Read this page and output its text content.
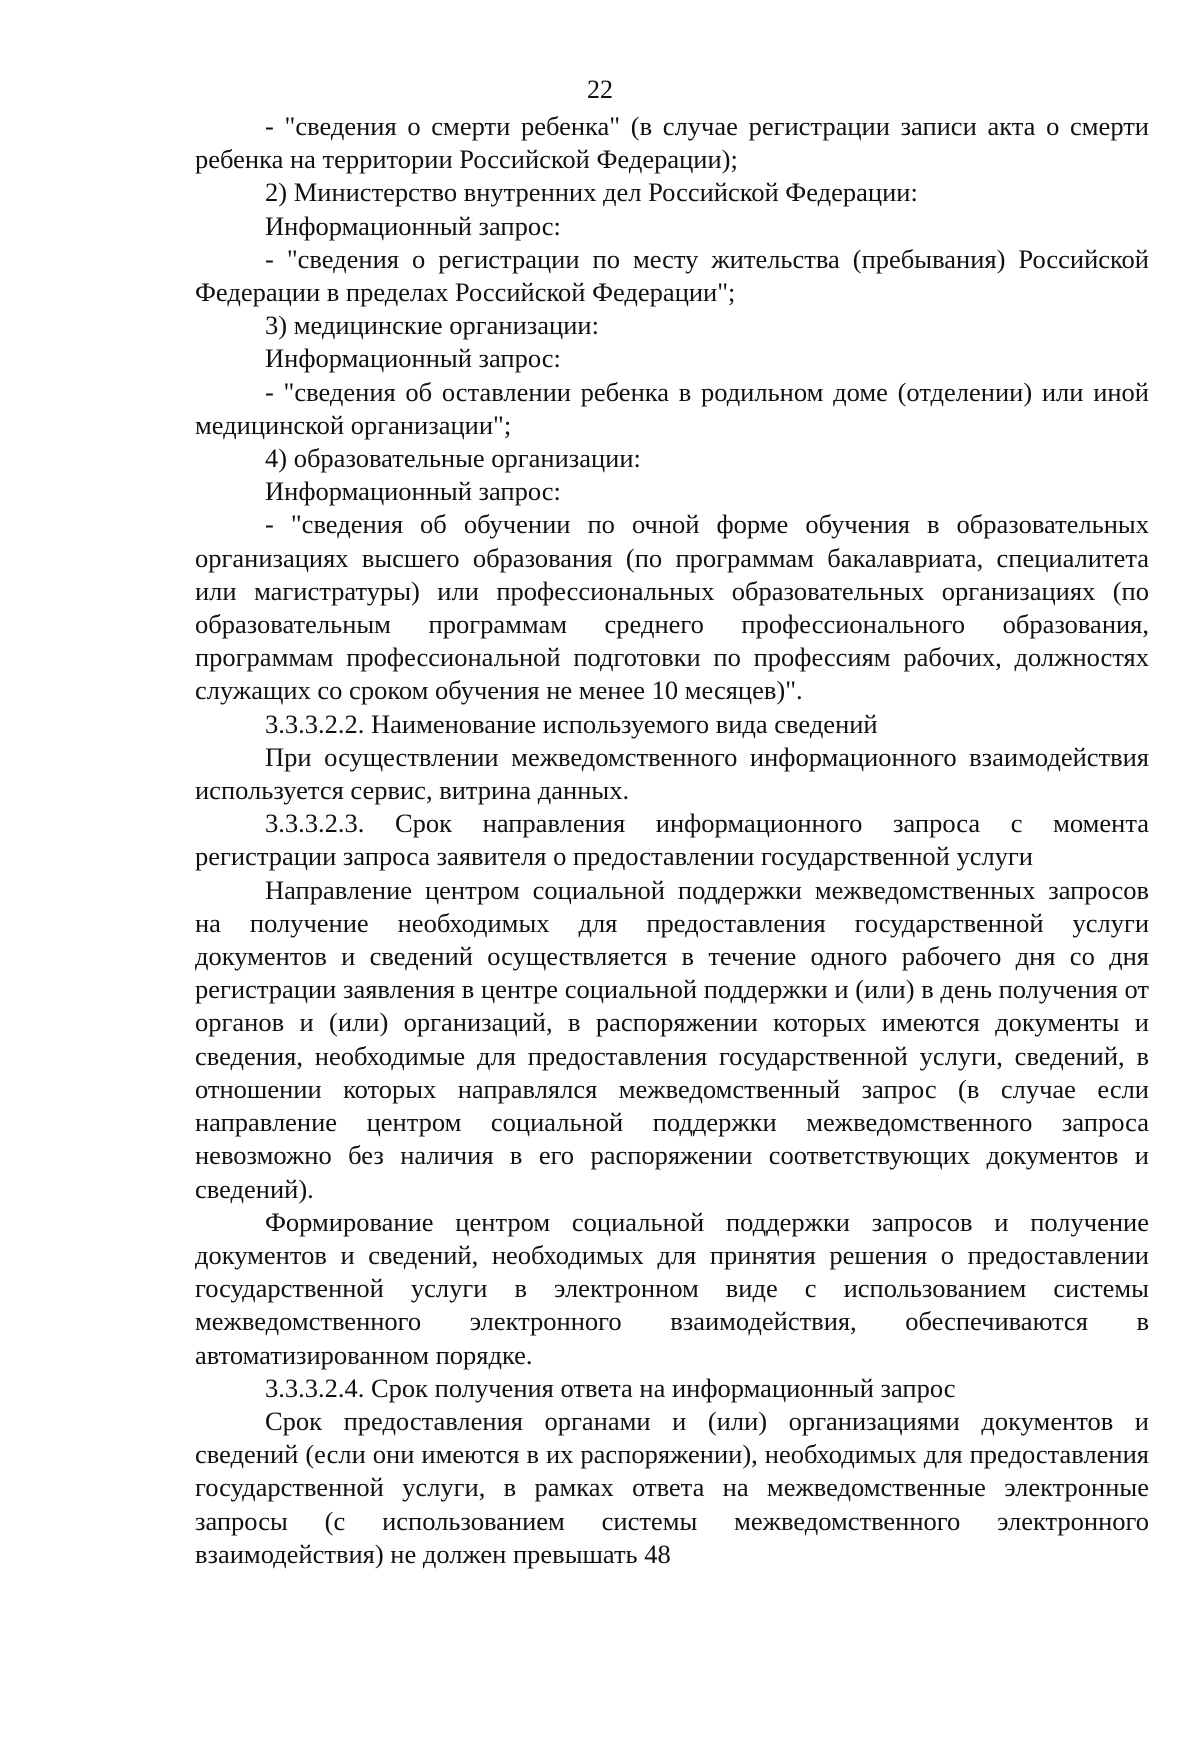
22

- "сведения о смерти ребенка" (в случае регистрации записи акта о смерти ребенка на территории Российской Федерации);

2) Министерство внутренних дел Российской Федерации:

Информационный запрос:

- "сведения о регистрации по месту жительства (пребывания) Российской Федерации в пределах Российской Федерации";

3) медицинские организации:

Информационный запрос:

- "сведения об оставлении ребенка в родильном доме (отделении) или иной медицинской организации";

4) образовательные организации:

Информационный запрос:

- "сведения об обучении по очной форме обучения в образовательных организациях высшего образования (по программам бакалавриата, специалитета или магистратуры) или профессиональных образовательных организациях (по образовательным программам среднего профессионального образования, программам профессиональной подготовки по профессиям рабочих, должностях служащих со сроком обучения не менее 10 месяцев)".

3.3.3.2.2. Наименование используемого вида сведений

При осуществлении межведомственного информационного взаимодействия используется сервис, витрина данных.

3.3.3.2.3. Срок направления информационного запроса с момента регистрации запроса заявителя о предоставлении государственной услуги

Направление центром социальной поддержки межведомственных запросов на получение необходимых для предоставления государственной услуги документов и сведений осуществляется в течение одного рабочего дня со дня регистрации заявления в центре социальной поддержки и (или) в день получения от органов и (или) организаций, в распоряжении которых имеются документы и сведения, необходимые для предоставления государственной услуги, сведений, в отношении которых направлялся межведомственный запрос (в случае если направление центром социальной поддержки межведомственного запроса невозможно без наличия в его распоряжении соответствующих документов и сведений).

Формирование центром социальной поддержки запросов и получение документов и сведений, необходимых для принятия решения о предоставлении государственной услуги в электронном виде с использованием системы межведомственного электронного взаимодействия, обеспечиваются в автоматизированном порядке.

3.3.3.2.4. Срок получения ответа на информационный запрос

Срок предоставления органами и (или) организациями документов и сведений (если они имеются в их распоряжении), необходимых для предоставления государственной услуги, в рамках ответа на межведомственные электронные запросы (с использованием системы межведомственного электронного взаимодействия) не должен превышать 48
